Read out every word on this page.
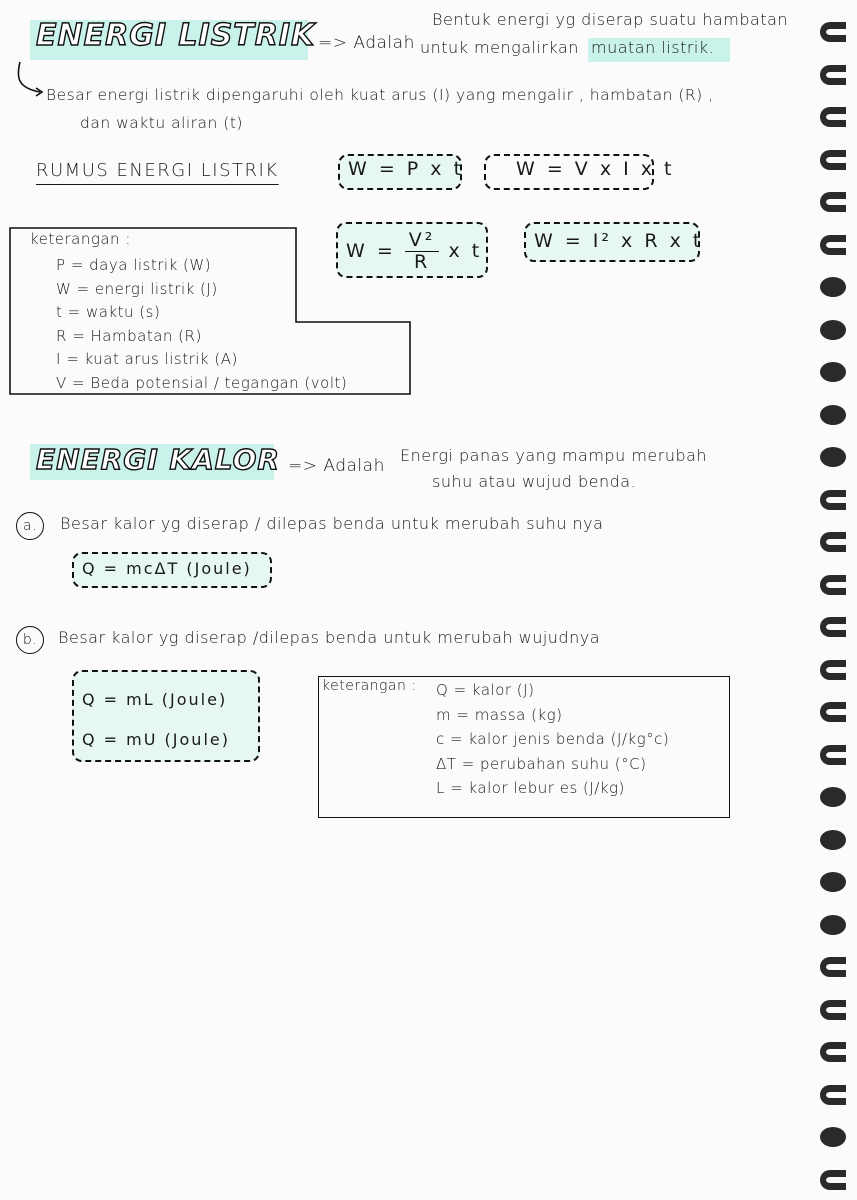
ENERGI LISTRIK => Adalah
Bentuk energi yg diserap suatu hambatan
untuk mengalirkan muatan listrik.
Besar energi listrik dipengaruhi oleh kuat arus (I) yang mengalir , hambatan (R) ,
dan waktu aliran (t)
RUMUS ENERGI LISTRIK	W = P x t	W = V x I x t
$W = \frac{\text{V²}}{R}$ x t	W = I² x R x t
keterangan :
P = daya listrik (W)
W = energi listrik (J)
t = waktu (s)
R = Hambatan (R)
I = kuat arus listrik (A)
V = Beda potensial / tegangan (volt)
ENERGI KALOR => Adalah
Energi panas yang mampu merubah
suhu atau wujud benda.
a.	Besar kalor yg diserap / dilepas benda untuk merubah suhu nya
Q = mcΔT (Joule)
b.	Besar kalor yg diserap /dilepas benda untuk merubah wujudnya
Q = mL (Joule)
Q = mU (Joule)
keterangan : Q = kalor (J)
m = massa (kg)
c = kalor jenis benda (J/kg°c)
ΔT = perubahan suhu (°C)
L = kalor lebur es (J/kg)
